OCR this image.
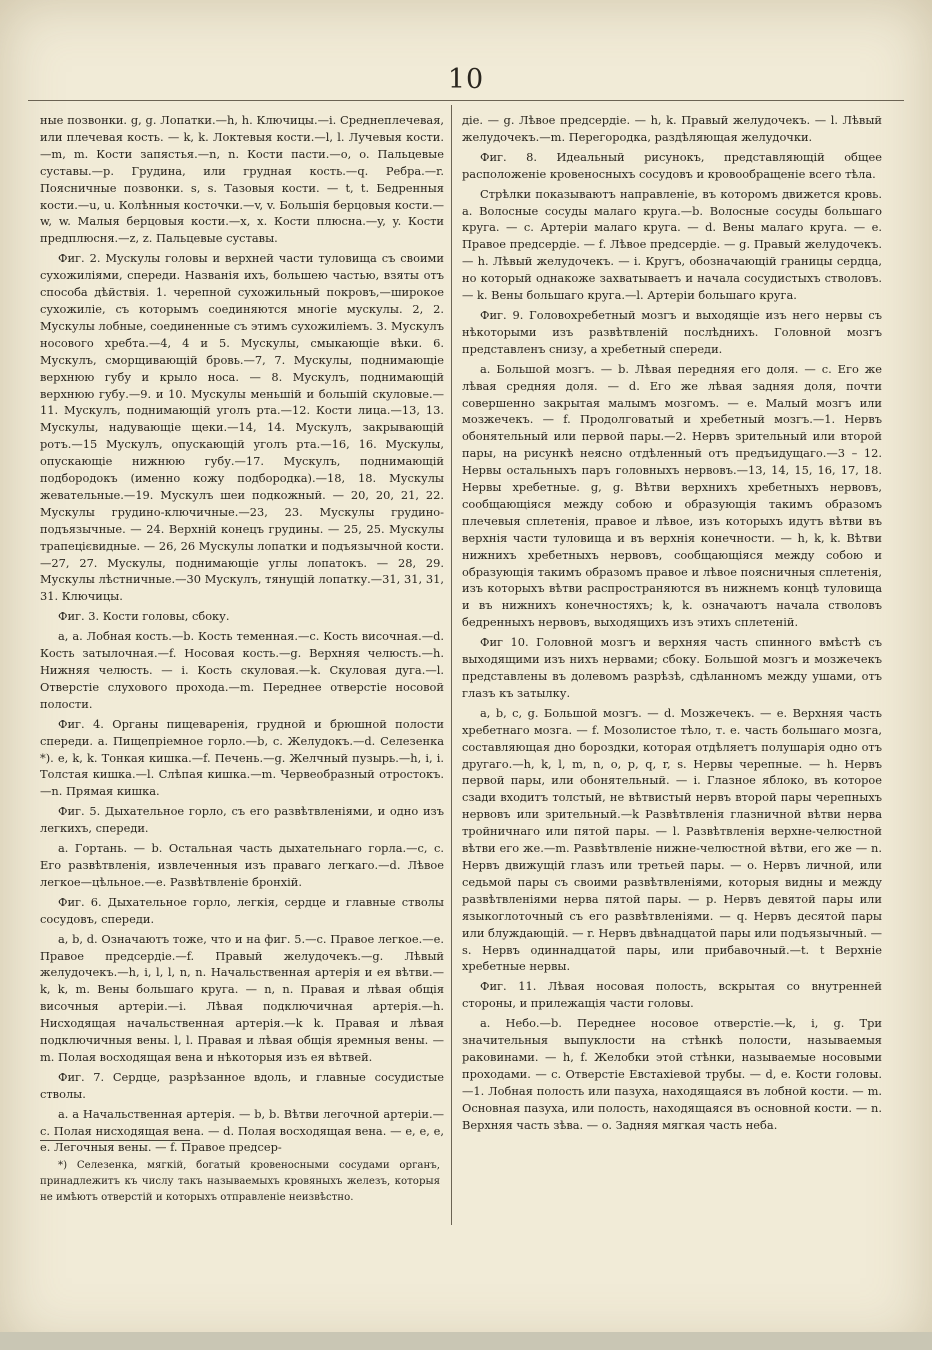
10

ные позвонки. g, g. Лопатки.—h, h. Ключицы.—i. Среднеплечевая, или плечевая кость. — k, k. Локтевыя кости.—l, l. Лучевыя кости.—m, m. Кости запястья.—n, n. Кости пасти.—o, o. Пальцевые суставы.—p. Грудина, или грудная кость.—q. Ребра.—r. Поясничные позвонки. s, s. Тазовыя кости. — t, t. Бедренныя кости.—u, u. Колѣнныя косточки.—v, v. Большія берцовыя кости.—w, w. Малыя берцовыя кости.—x, x. Кости плюсна.—y, y. Кости предплюсня.—z, z. Пальцевые суставы.

Фиг. 2. Мускулы головы и верхней части туловища съ своими сухожиліями, спереди. Названія ихъ, большею частью, взяты отъ способа дѣйствія. 1. черепной сухожильный покровъ,—широкое сухожиліе, съ которымъ соединяются многіе мускулы. 2, 2. Мускулы лобные, соединенные съ этимъ сухожиліемъ. 3. Мускулъ носового хребта.—4, 4 и 5. Мускулы, смыкающіе вѣки. 6. Мускулъ, сморщивающій бровь.—7, 7. Мускулы, поднимающіе верхнюю губу и крыло носа. — 8. Мускулъ, поднимающій верхнюю губу.—9. и 10. Мускулы меньшій и большій скуловые.—11. Мускулъ, поднимающій уголъ рта.—12. Кости лица.—13, 13. Мускулы, надувающіе щеки.—14, 14. Мускулъ, закрывающій ротъ.—15 Мускулъ, опускающій уголъ рта.—16, 16. Мускулы, опускающіе нижнюю губу.—17. Мускулъ, поднимающій подбородокъ (именно кожу подбородка).—18, 18. Мускулы жевательные.—19. Мускулъ шеи подкожный. — 20, 20, 21, 22. Мускулы грудино-ключичные.—23, 23. Мускулы грудино-подъязычные. — 24. Верхній конецъ грудины. — 25, 25. Мускулы трапецієвидные. — 26, 26 Мускулы лопатки и подъязычной кости.—27, 27. Мускулы, поднимающіе углы лопатокъ. — 28, 29. Мускулы лѣстничные.—30 Мускулъ, тянущій лопатку.—31, 31, 31, 31. Ключицы.

Фиг. 3. Кости головы, сбоку.

a, a. Лобная кость.—b. Кость теменная.—c. Кость височная.—d. Кость затылочная.—f. Носовая кость.—g. Верхняя челюсть.—h. Нижняя челюсть. — i. Кость скуловая.—k. Скуловая дуга.—l. Отверстіе слухового прохода.—m. Переднее отверстіе носовой полости.

Фиг. 4. Органы пищеваренія, грудной и брюшной полости спереди. a. Пищепріемное горло.—b, c. Желудокъ.—d. Селезенка *). e, k, k. Тонкая кишка.—f. Печень.—g. Желчный пузырь.—h, i, i. Толстая кишка.—l. Слѣпая кишка.—m. Червеобразный отростокъ.—n. Прямая кишка.

Фиг. 5. Дыхательное горло, съ его развѣтвленіями, и одно изъ легкихъ, спереди.

a. Гортань. — b. Остальная часть дыхательнаго горла.—c, c. Его развѣтвленія, извлеченныя изъ праваго легкаго.—d. Лѣвое легкое—цѣльное.—e. Развѣтвленіе бронхій.

Фиг. 6. Дыхательное горло, легкія, сердце и главные стволы сосудовъ, спереди.

a, b, d. Означаютъ тоже, что и на фиг. 5.—c. Правое легкое.—e. Правое предсердіе.—f. Правый желудочекъ.—g. Лѣвый желудочекъ.—h, i, l, l, n, n. Начальственная артерія и ея вѣтви.—k, k, m. Вены большаго круга. — n, n. Правая и лѣвая общія височныя артеріи.—i. Лѣвая подключичная артерія.—h. Нисходящая начальственная артерія.—k k. Правая и лѣвая подключичныя вены. l, l. Правая и лѣвая общія яремныя вены. — m. Полая восходящая вена и нѣкоторыя изъ ея вѣтвей.

Фиг. 7. Сердце, разрѣзанное вдоль, и главные сосудистые стволы.

a. a Начальственная артерія. — b, b. Вѣтви легочной артеріи.— c. Полая нисходящая вена. — d. Полая восходящая вена. — e, e, e, e. Легочныя вены. — f. Правое предсер-

*) Селезенка, мягкій, богатый кровеносными сосудами органъ, принадлежитъ къ числу такъ называемыхъ кровяныхъ железъ, которыя не имѣютъ отверстій и которыхъ отправленіе неизвѣстно.

діе. — g. Лѣвое предсердіе. — h, k. Правый желудочекъ. — l. Лѣвый желудочекъ.—m. Перегородка, раздѣляющая желудочки.

Фиг. 8. Идеальный рисунокъ, представляющій общее расположеніе кровеносныхъ сосудовъ и кровообращеніе всего тѣла.

Стрѣлки показываютъ направленіе, въ которомъ движется кровь. a. Волосные сосуды малаго круга.—b. Волосные сосуды большаго круга. — c. Артеріи малаго круга. — d. Вены малаго круга. — e. Правое предсердіе. — f. Лѣвое предсердіе. — g. Правый желудочекъ. — h. Лѣвый желудочекъ. — i. Кругъ, обозначающій границы сердца, но который однакоже захватываетъ и начала сосудистыхъ стволовъ. — k. Вены большаго круга.—l. Артеріи большаго круга.

Фиг. 9. Головохребетный мозгъ и выходящіе изъ него нервы съ нѣкоторыми изъ развѣтвленій послѣднихъ. Головной мозгъ представленъ снизу, а хребетный спереди.

a. Большой мозгъ. — b. Лѣвая передняя его доля. — c. Его же лѣвая средняя доля. — d. Его же лѣвая задняя доля, почти совершенно закрытая малымъ мозгомъ. — e. Малый мозгъ или мозжечекъ. — f. Продолговатый и хребетный мозгъ.—1. Нервъ обонятельный или первой пары.—2. Нервъ зрительный или второй пары, на рисункѣ неясно отдѣленный отъ предъидущаго.—3 – 12. Нервы остальныхъ паръ головныхъ нервовъ.—13, 14, 15, 16, 17, 18. Нервы хребетные. g, g. Вѣтви верхнихъ хребетныхъ нервовъ, сообщающіяся между собою и образующія такимъ образомъ плечевыя сплетенія, правое и лѣвое, изъ которыхъ идутъ вѣтви въ верхнія части туловища и въ верхнія конечности. — h, k, k. Вѣтви нижнихъ хребетныхъ нервовъ, сообщающіяся между собою и образующія такимъ образомъ правое и лѣвое поясничныя сплетенія, изъ которыхъ вѣтви распространяются въ нижнемъ концѣ туловища и въ нижнихъ конечностяхъ; k, k. означаютъ начала стволовъ бедренныхъ нервовъ, выходящихъ изъ этихъ сплетеній.

Фиг 10. Головной мозгъ и верхняя часть спинного вмѣстѣ съ выходящими изъ нихъ нервами; сбоку. Большой мозгъ и мозжечекъ представлены въ долевомъ разрѣзѣ, сдѣланномъ между ушами, отъ глазъ къ затылку.

a, b, c, g. Большой мозгъ. — d. Мозжечекъ. — e. Верхняя часть хребетнаго мозга. — f. Мозолистое тѣло, т. е. часть большаго мозга, составляющая дно бороздки, которая отдѣляетъ полушарія одно отъ другаго.—h, k, l, m, n, o, p, q, r, s. Нервы черепные. — h. Нервъ первой пары, или обонятельный. — i. Глазное яблоко, въ которое сзади входитъ толстый, не вѣтвистый нервъ второй пары черепныхъ нервовъ или зрительный.—k Развѣтвленія глазничной вѣтви нерва тройничнаго или пятой пары. — l. Развѣтвленія верхне-челюстной вѣтви его же.—m. Развѣтвленіе нижне-челюстной вѣтви, его же — n. Нервъ движущій глазъ или третьей пары. — o. Нервъ личной, или седьмой пары съ своими развѣтвленіями, которыя видны и между развѣтвленіями нерва пятой пары. — p. Нервъ девятой пары или языкоглоточный съ его развѣтвленіями. — q. Нервъ десятой пары или блуждающій. — r. Нервъ двѣнадцатой пары или подъязычный. — s. Нервъ одиннадцатой пары, или прибавочный.—t. t Верхніе хребетные нервы.

Фиг. 11. Лѣвая носовая полость, вскрытая со внутренней стороны, и прилежащія части головы.

a. Небо.—b. Переднее носовое отверстіе.—k, i, g. Три значительныя выпуклости на стѣнкѣ полости, называемыя раковинами. — h, f. Желобки этой стѣнки, называемые носовыми проходами. — c. Отверстіе Евстахіевой трубы. — d, e. Кости головы.—1. Лобная полость или пазуха, находящаяся въ лобной кости. — m. Основная пазуха, или полость, находящаяся въ основной кости. — n. Верхняя часть зѣва. — o. Задняя мягкая часть неба.
